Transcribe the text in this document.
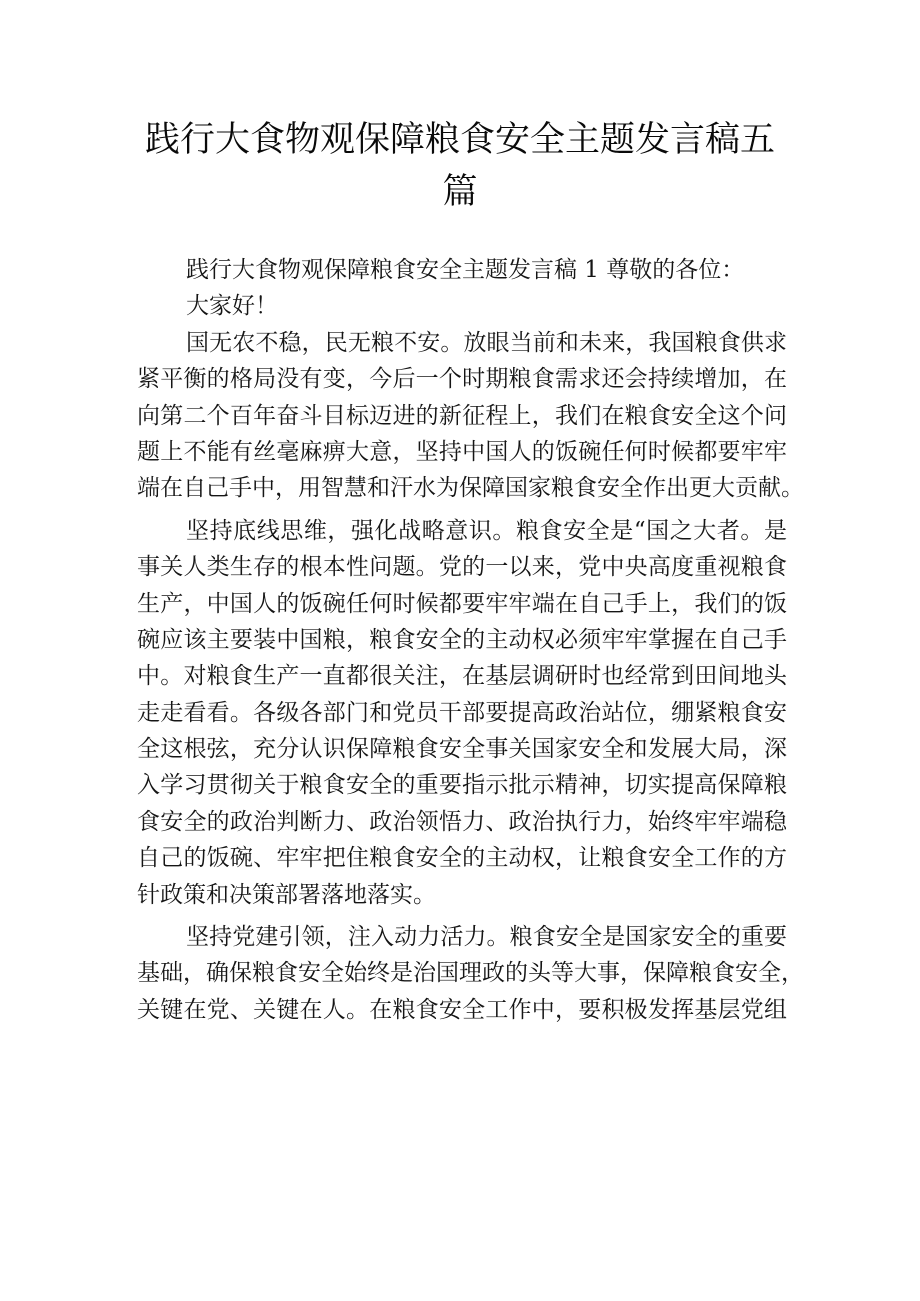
践行大食物观保障粮食安全主题发言稿五
篇
践行大食物观保障粮食安全主题发言稿 1 尊敬的各位：
大家好！
国无农不稳，民无粮不安。放眼当前和未来，我国粮食供求
紧平衡的格局没有变，今后一个时期粮食需求还会持续增加，在
向第二个百年奋斗目标迈进的新征程上，我们在粮食安全这个问
题上不能有丝毫麻痹大意，坚持中国人的饭碗任何时候都要牢牢
端在自己手中，用智慧和汗水为保障国家粮食安全作出更大贡献。
坚持底线思维，强化战略意识。粮食安全是“国之大者。是
事关人类生存的根本性问题。党的一以来，党中央高度重视粮食
生产，中国人的饭碗任何时候都要牢牢端在自己手上，我们的饭
碗应该主要装中国粮，粮食安全的主动权必须牢牢掌握在自己手
中。对粮食生产一直都很关注，在基层调研时也经常到田间地头
走走看看。各级各部门和党员干部要提高政治站位，绷紧粮食安
全这根弦，充分认识保障粮食安全事关国家安全和发展大局，深
入学习贯彻关于粮食安全的重要指示批示精神，切实提高保障粮
食安全的政治判断力、政治领悟力、政治执行力，始终牢牢端稳
自己的饭碗、牢牢把住粮食安全的主动权，让粮食安全工作的方
针政策和决策部署落地落实。
坚持党建引领，注入动力活力。粮食安全是国家安全的重要
基础，确保粮食安全始终是治国理政的头等大事，保障粮食安全，
关键在党、关键在人。在粮食安全工作中，要积极发挥基层党组
